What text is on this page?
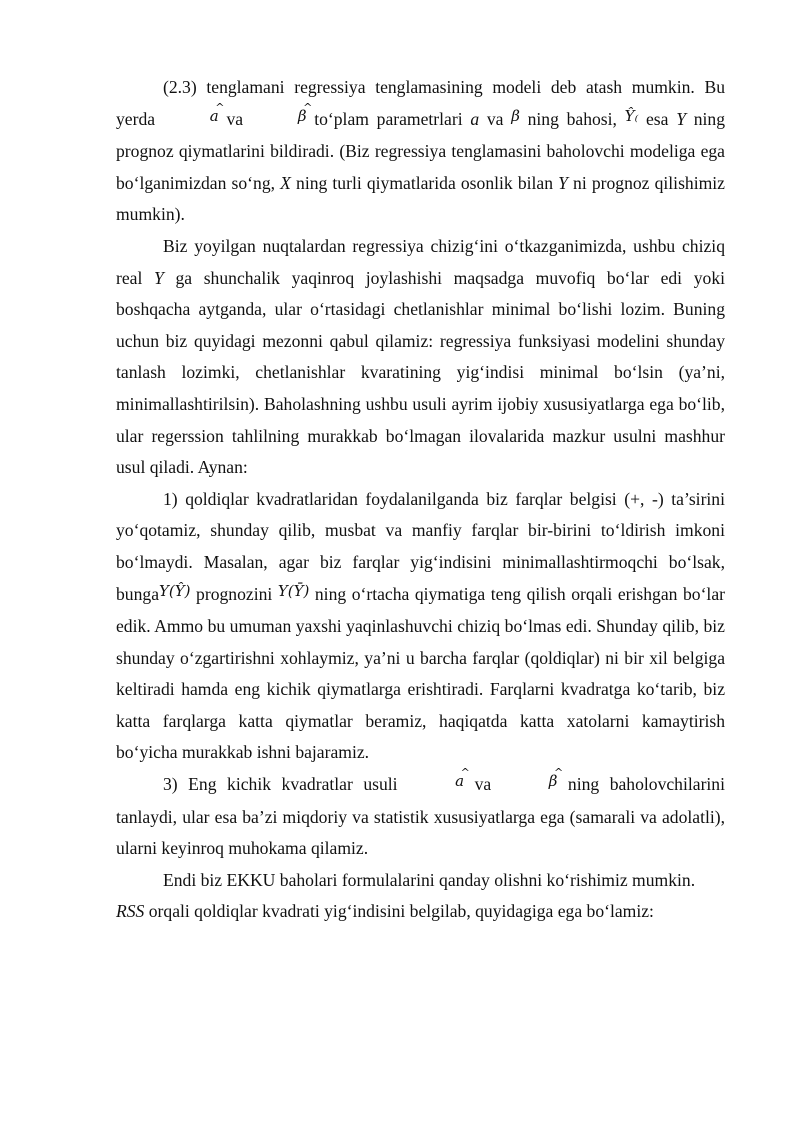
(2.3) tenglamani regressiya tenglamasining modeli deb atash mumkin. Bu yerda	^ a va	^ β to‘plam parametrlari a va β ning bahosi, Ŷ₍ esa Y ning prognoz qiymatlarini bildiradi. (Biz regressiya tenglamasini baholovchi modeliga ega bo‘lganimizdan so‘ng, X ning turli qiymatlarida osonlik bilan Y ni prognoz qilishimiz mumkin).

Biz yoyilgan nuqtalardan regressiya chizig‘ini o‘tkazganimizda, ushbu chiziq real Y ga shunchalik yaqinroq joylashishi maqsadga muvofiq bo‘lar edi yoki boshqacha aytganda, ular o‘rtasidagi chetlanishlar minimal bo‘lishi lozim. Buning uchun biz quyidagi mezonni qabul qilamiz: regressiya funksiyasi modelini shunday tanlash lozimki, chetlanishlar kvaratining yig‘indisi minimal bo‘lsin (ya’ni, minimallashtirilsin). Baholashning ushbu usuli ayrim ijobiy xususiyatlarga ega bo‘lib, ular regerssion tahlilning murakkab bo‘lmagan ilovalarida mazkur usulni mashhur usul qiladi. Aynan:

1) qoldiqlar kvadratlaridan foydalanilganda biz farqlar belgisi (+, -) ta’sirini yo‘qotamiz, shunday qilib, musbat va manfiy farqlar bir-birini to‘ldirish imkoni bo‘lmaydi. Masalan, agar biz farqlar yig‘indisini minimallashtirmoqchi bo‘lsak, bungaY(Ŷ) prognozini Y(Ȳ) ning o‘rtacha qiymatiga teng qilish orqali erishgan bo‘lar edik. Ammo bu umuman yaxshi yaqinlashuvchi chiziq bo‘lmas edi. Shunday qilib, biz shunday o‘zgartirishni xohlaymiz, ya’ni u barcha farqlar (qoldiqlar) ni bir xil belgiga keltiradi hamda eng kichik qiymatlarga erishtiradi. Farqlarni kvadratga ko‘tarib, biz katta farqlarga katta qiymatlar beramiz, haqiqatda katta xatolarni kamaytirish bo‘yicha murakkab ishni bajaramiz.

3) Eng kichik kvadratlar usuli	^ a va	^ β ning baholovchilarini tanlaydi, ular esa ba’zi miqdoriy va statistik xususiyatlarga ega (samarali va adolatli), ularni keyinroq muhokama qilamiz.

Endi biz EKKU baholari formulalarini qanday olishni ko‘rishimiz mumkin.

RSS orqali qoldiqlar kvadrati yig‘indisini belgilab, quyidagiga ega bo‘lamiz:
